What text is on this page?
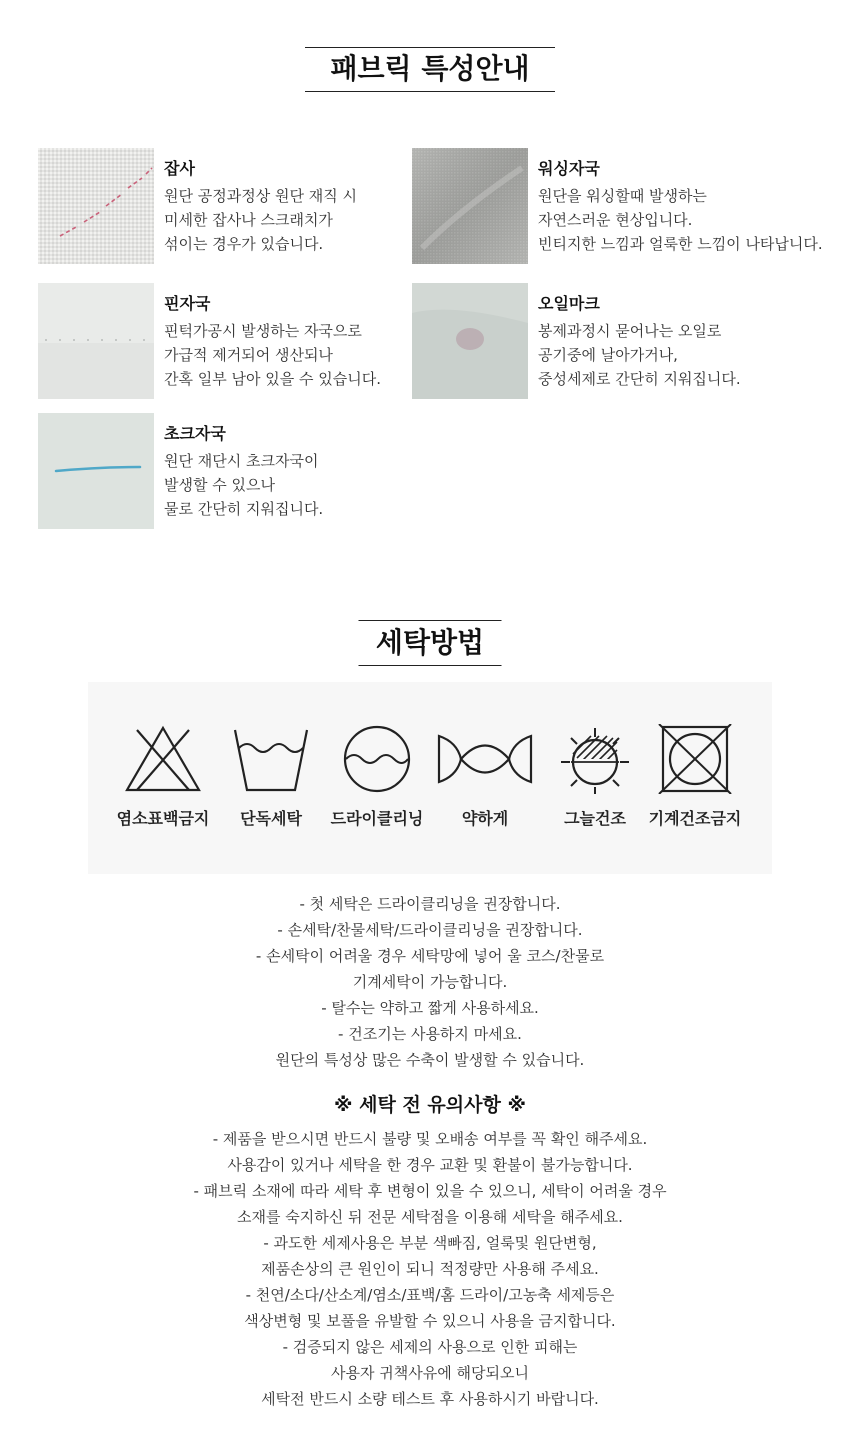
패브릭 특성안내
잡사
원단 공정과정상 원단 재직 시
미세한 잡사나 스크래치가
섞이는 경우가 있습니다.
워싱자국
원단을 워싱할때 발생하는
자연스러운 현상입니다.
빈티지한 느낌과 얼룩한 느낌이 나타납니다.
핀자국
핀턱가공시 발생하는 자국으로
가급적 제거되어 생산되나
간혹 일부 남아 있을 수 있습니다.
오일마크
봉제과정시 묻어나는 오일로
공기중에 날아가거나,
중성세제로 간단히 지워집니다.
초크자국
원단 재단시 초크자국이
발생할 수 있으나
물로 간단히 지워집니다.
세탁방법
염소표백금지	단독세탁	드라이클리닝	약하게	그늘건조	기계건조금지
- 첫 세탁은 드라이클리닝을 권장합니다.
- 손세탁/찬물세탁/드라이클리닝을 권장합니다.
- 손세탁이 어려울 경우 세탁망에 넣어 울 코스/찬물로
기계세탁이 가능합니다.
- 탈수는 약하고 짧게 사용하세요.
- 건조기는 사용하지 마세요.
원단의 특성상 많은 수축이 발생할 수 있습니다.
※ 세탁 전 유의사항 ※
- 제품을 받으시면 반드시 불량 및 오배송 여부를 꼭 확인 해주세요.
사용감이 있거나 세탁을 한 경우 교환 및 환불이 불가능합니다.
- 패브릭 소재에 따라 세탁 후 변형이 있을 수 있으니, 세탁이 어려울 경우
소재를 숙지하신 뒤 전문 세탁점을 이용해 세탁을 해주세요.
- 과도한 세제사용은 부분 색빠짐, 얼룩및 원단변형,
제품손상의 큰 원인이 되니 적정량만 사용해 주세요.
- 천연/소다/산소계/염소/표백/홈 드라이/고농축 세제등은
색상변형 및 보풀을 유발할 수 있으니 사용을 금지합니다.
- 검증되지 않은 세제의 사용으로 인한 피해는
사용자 귀책사유에 해당되오니
세탁전 반드시 소량 테스트 후 사용하시기 바랍니다.
